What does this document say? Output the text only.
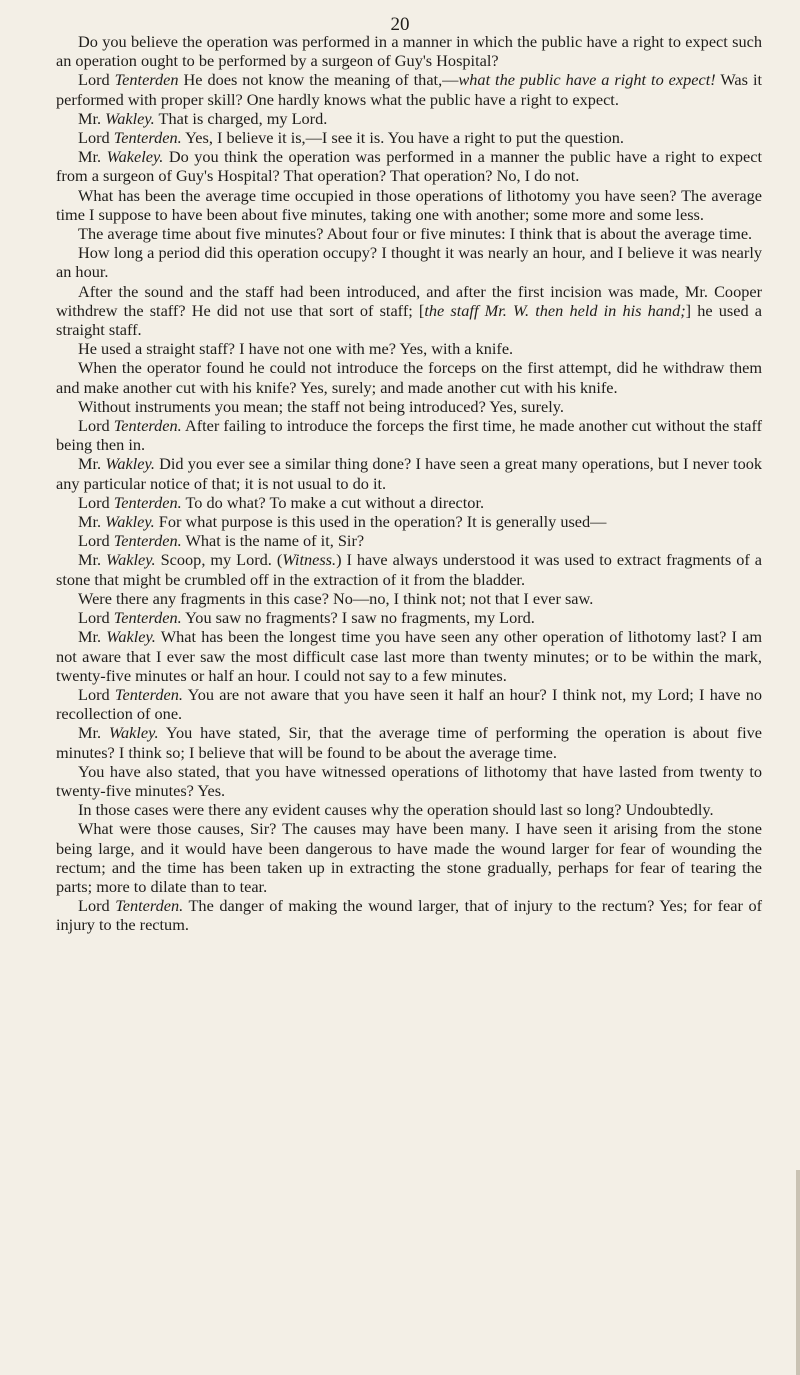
20

Do you believe the operation was performed in a manner in which the public have a right to expect such an operation ought to be performed by a surgeon of Guy's Hospital?

Lord Tenterden He does not know the meaning of that,—what the public have a right to expect! Was it performed with proper skill? One hardly knows what the public have a right to expect.

Mr. Wakley. That is charged, my Lord.

Lord Tenterden. Yes, I believe it is,—I see it is. You have a right to put the question.

Mr. Wakeley. Do you think the operation was performed in a manner the public have a right to expect from a surgeon of Guy's Hospital? That operation? That operation? No, I do not.

What has been the average time occupied in those operations of lithotomy you have seen? The average time I suppose to have been about five minutes, taking one with another; some more and some less.

The average time about five minutes? About four or five minutes: I think that is about the average time.

How long a period did this operation occupy? I thought it was nearly an hour, and I believe it was nearly an hour.

After the sound and the staff had been introduced, and after the first incision was made, Mr. Cooper withdrew the staff? He did not use that sort of staff; [the staff Mr. W. then held in his hand;] he used a straight staff.

He used a straight staff? I have not one with me? Yes, with a knife.

When the operator found he could not introduce the forceps on the first attempt, did he withdraw them and make another cut with his knife? Yes, surely; and made another cut with his knife.

Without instruments you mean; the staff not being introduced? Yes, surely.

Lord Tenterden. After failing to introduce the forceps the first time, he made another cut without the staff being then in.

Mr. Wakley. Did you ever see a similar thing done? I have seen a great many operations, but I never took any particular notice of that; it is not usual to do it.

Lord Tenterden. To do what? To make a cut without a director.

Mr. Wakley. For what purpose is this used in the operation? It is generally used—

Lord Tenterden. What is the name of it, Sir?

Mr. Wakley. Scoop, my Lord. (Witness.) I have always understood it was used to extract fragments of a stone that might be crumbled off in the extraction of it from the bladder.

Were there any fragments in this case? No—no, I think not; not that I ever saw.

Lord Tenterden. You saw no fragments? I saw no fragments, my Lord.

Mr. Wakley. What has been the longest time you have seen any other operation of lithotomy last? I am not aware that I ever saw the most difficult case last more than twenty minutes; or to be within the mark, twenty-five minutes or half an hour. I could not say to a few minutes.

Lord Tenterden. You are not aware that you have seen it half an hour? I think not, my Lord; I have no recollection of one.

Mr. Wakley. You have stated, Sir, that the average time of performing the operation is about five minutes? I think so; I believe that will be found to be about the average time.

You have also stated, that you have witnessed operations of lithotomy that have lasted from twenty to twenty-five minutes? Yes.

In those cases were there any evident causes why the operation should last so long? Undoubtedly.

What were those causes, Sir? The causes may have been many. I have seen it arising from the stone being large, and it would have been dangerous to have made the wound larger for fear of wounding the rectum; and the time has been taken up in extracting the stone gradually, perhaps for fear of tearing the parts; more to dilate than to tear.

Lord Tenterden. The danger of making the wound larger, that of injury to the rectum? Yes; for fear of injury to the rectum.
